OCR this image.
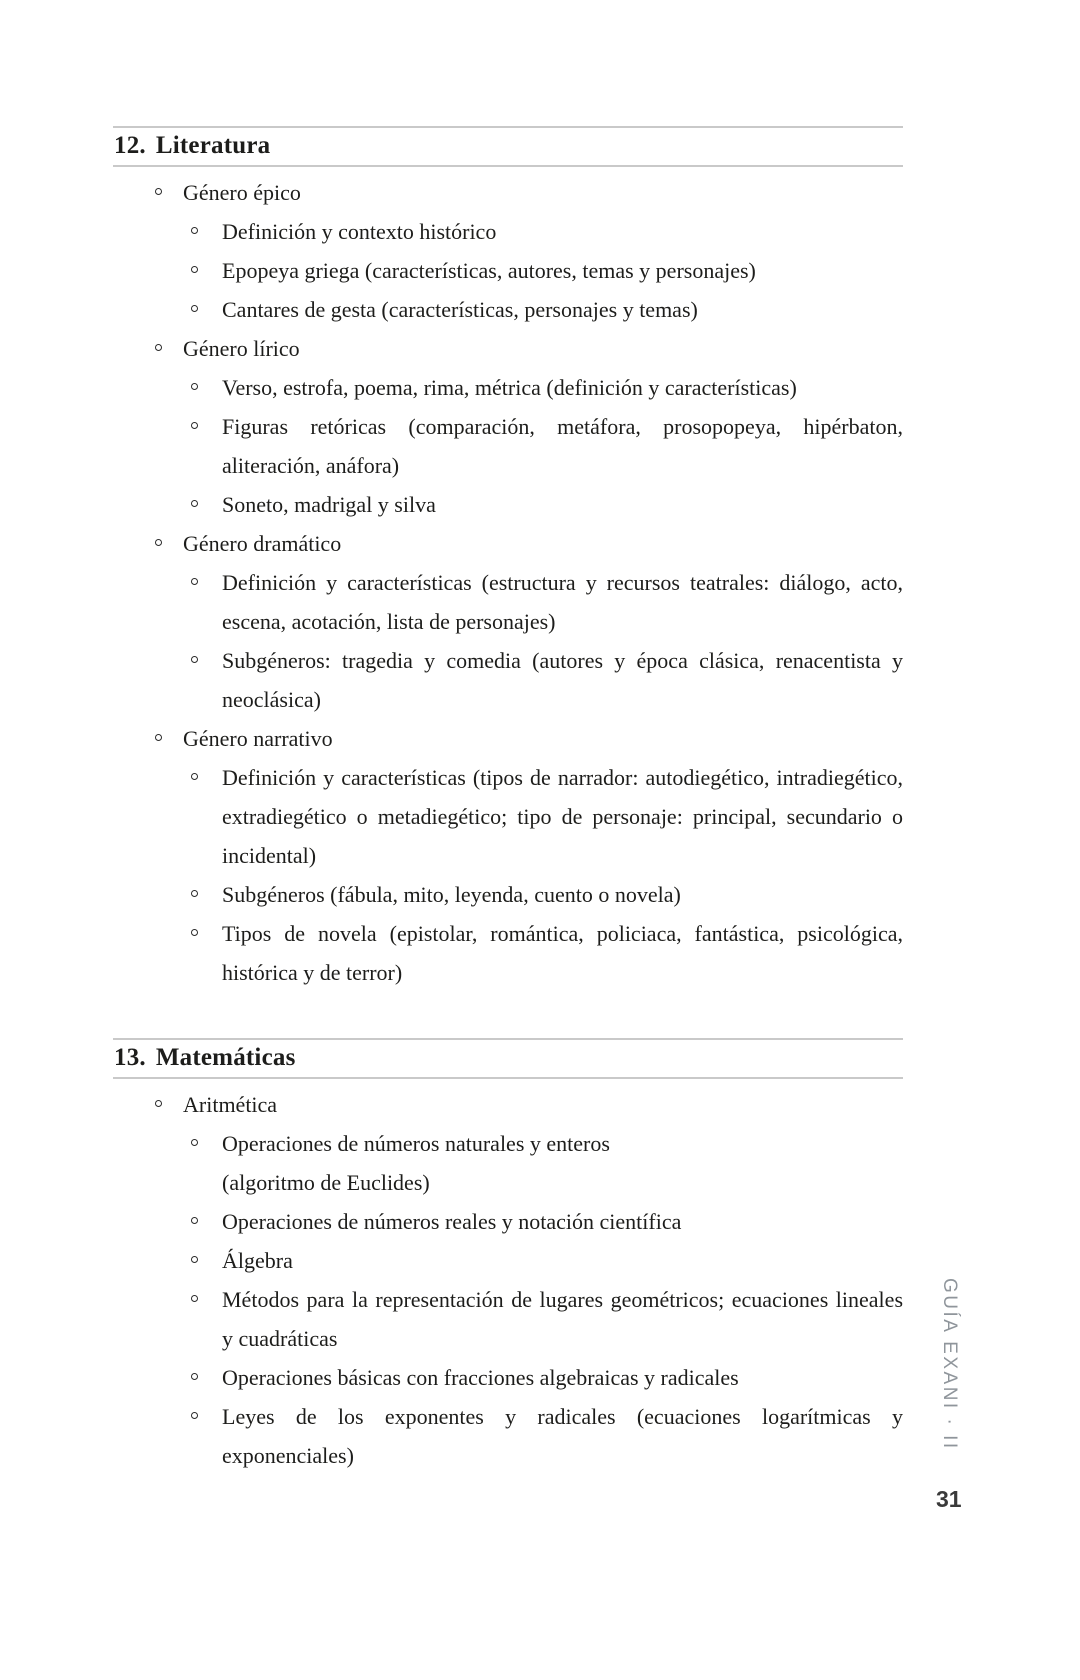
12. Literatura
Género épico
Definición y contexto histórico
Epopeya griega (características, autores, temas y personajes)
Cantares de gesta (características, personajes y temas)
Género lírico
Verso, estrofa, poema, rima, métrica (definición y características)
Figuras retóricas (comparación, metáfora, prosopopeya, hipérbaton, aliteración, anáfora)
Soneto, madrigal y silva
Género dramático
Definición y características (estructura y recursos teatrales: diálogo, acto, escena, acotación, lista de personajes)
Subgéneros: tragedia y comedia (autores y época clásica, renacentista y neoclásica)
Género narrativo
Definición y características (tipos de narrador: autodiegético, intradiegético, extradiegético o metadiegético; tipo de personaje: principal, secundario o incidental)
Subgéneros (fábula, mito, leyenda, cuento o novela)
Tipos de novela (epistolar, romántica, policiaca, fantástica, psicológica, histórica y de terror)
13. Matemáticas
Aritmética
Operaciones de números naturales y enteros
(algoritmo de Euclides)
Operaciones de números reales y notación científica
Álgebra
Métodos para la representación de lugares geométricos; ecuaciones lineales y cuadráticas
Operaciones básicas con fracciones algebraicas y radicales
Leyes de los exponentes y radicales (ecuaciones logarítmicas y exponenciales)
GUÍA EXANI · II
31
